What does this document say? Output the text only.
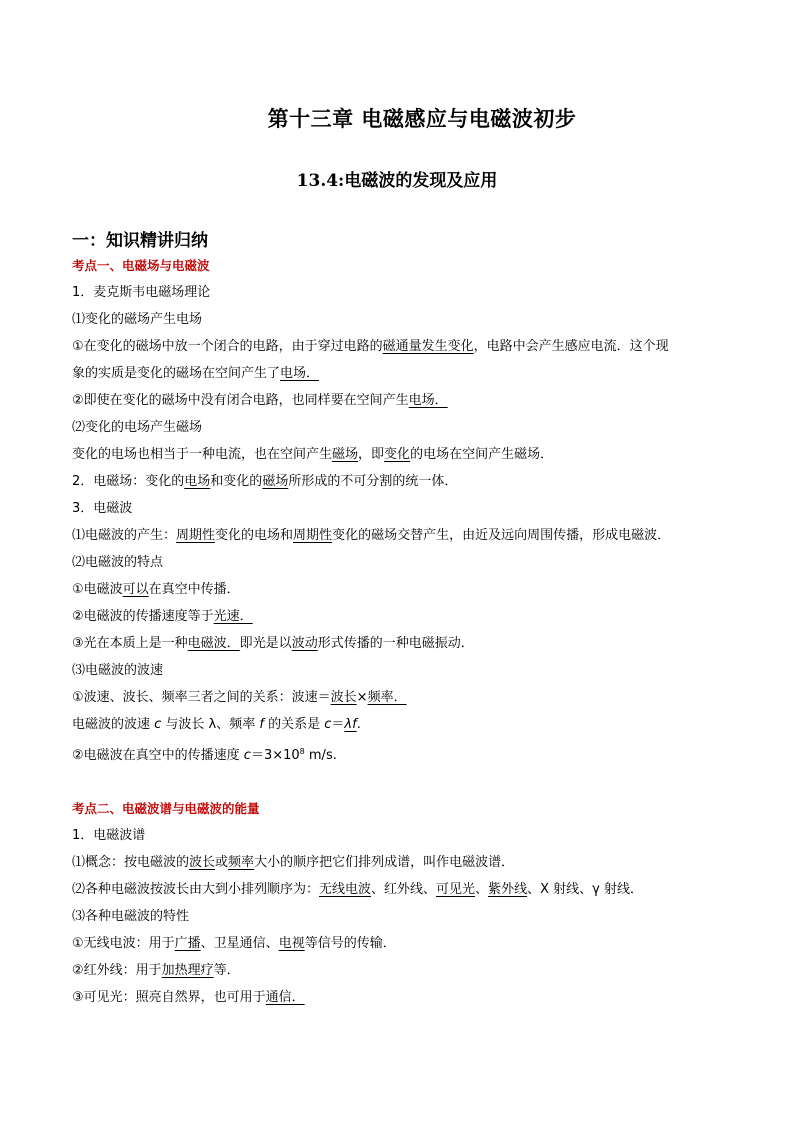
第十三章 电磁感应与电磁波初步
13.4:电磁波的发现及应用
一：知识精讲归纳
考点一、电磁场与电磁波
1．麦克斯韦电磁场理论
⑴变化的磁场产生电场
①在变化的磁场中放一个闭合的电路，由于穿过电路的磁通量发生变化，电路中会产生感应电流．这个现
象的实质是变化的磁场在空间产生了电场．
②即使在变化的磁场中没有闭合电路，也同样要在空间产生电场．
⑵变化的电场产生磁场
变化的电场也相当于一种电流，也在空间产生磁场，即变化的电场在空间产生磁场．
2．电磁场：变化的电场和变化的磁场所形成的不可分割的统一体．
3．电磁波
⑴电磁波的产生：周期性变化的电场和周期性变化的磁场交替产生，由近及远向周围传播，形成电磁波．
⑵电磁波的特点
①电磁波可以在真空中传播．
②电磁波的传播速度等于光速．
③光在本质上是一种电磁波．即光是以波动形式传播的一种电磁振动．
⑶电磁波的波速
①波速、波长、频率三者之间的关系：波速＝波长×频率．
电磁波的波速 c 与波长 λ、频率 f 的关系是 c＝λf.
②电磁波在真空中的传播速度 $c=3\times 10^8$ m/s.
考点二、电磁波谱与电磁波的能量
1．电磁波谱
⑴概念：按电磁波的波长或频率大小的顺序把它们排列成谱，叫作电磁波谱．
⑵各种电磁波按波长由大到小排列顺序为：无线电波、红外线、可见光、紫外线、X 射线、γ 射线．
⑶各种电磁波的特性
①无线电波：用于广播、卫星通信、电视等信号的传输．
②红外线：用于加热理疗等．
③可见光：照亮自然界，也可用于通信．
